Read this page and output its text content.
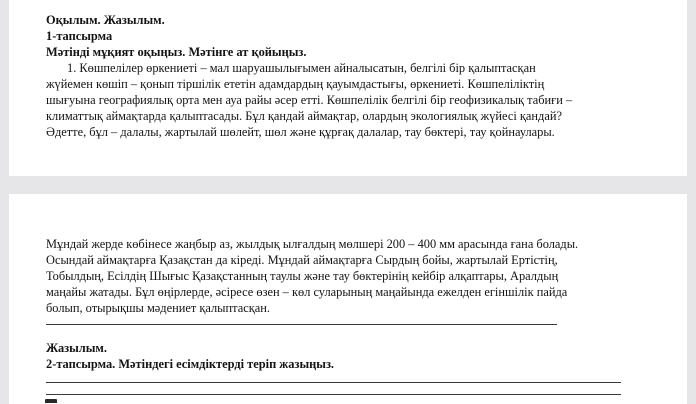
Оқылым. Жазылым.
1-тапсырма
Мәтінді мұқият оқыңыз. Мәтінге ат қойыңыз.
1. Көшпелілер өркениеті – мал шаруашылығымен айналысатын, белгілі бір қалыптасқан
жүйемен көшіп – қонып тіршілік ететін адамдардың қауымдастығы, өркениеті. Көшпеліліктің
шығуына географиялық орта мен ауа райы әсер етті. Көшпелілік белгілі бір геофизикалық табиғи –
климаттық аймақтарда қалыптасады. Бұл қандай аймақтар, олардың экологиялық жүйесі қандай?
Әдетте, бұл – далалы, жартылай шөлейт, шөл және құрғақ далалар, тау бөктері, тау қойнаулары.
Мұндай жерде көбінесе жаңбыр аз, жылдық ылғалдың мөлшері 200 – 400 мм арасында ғана болады.
Осындай аймақтарға Қазақстан да кіреді. Мұндай аймақтарға Сырдың бойы, жартылай Ертістің,
Тобылдың, Есілдің Шығыс Қазақстанның таулы және тау бөктерінің кейбір алқаптары, Аралдың
маңайы жатады. Бұл өңірлерде, әсіресе өзен – көл суларының маңайында ежелден егіншілік пайда
болып, отырықшы мәдениет қалыптасқан.
Жазылым.
2-тапсырма. Мәтіндегі есімдіктерді теріп жазыңыз.
